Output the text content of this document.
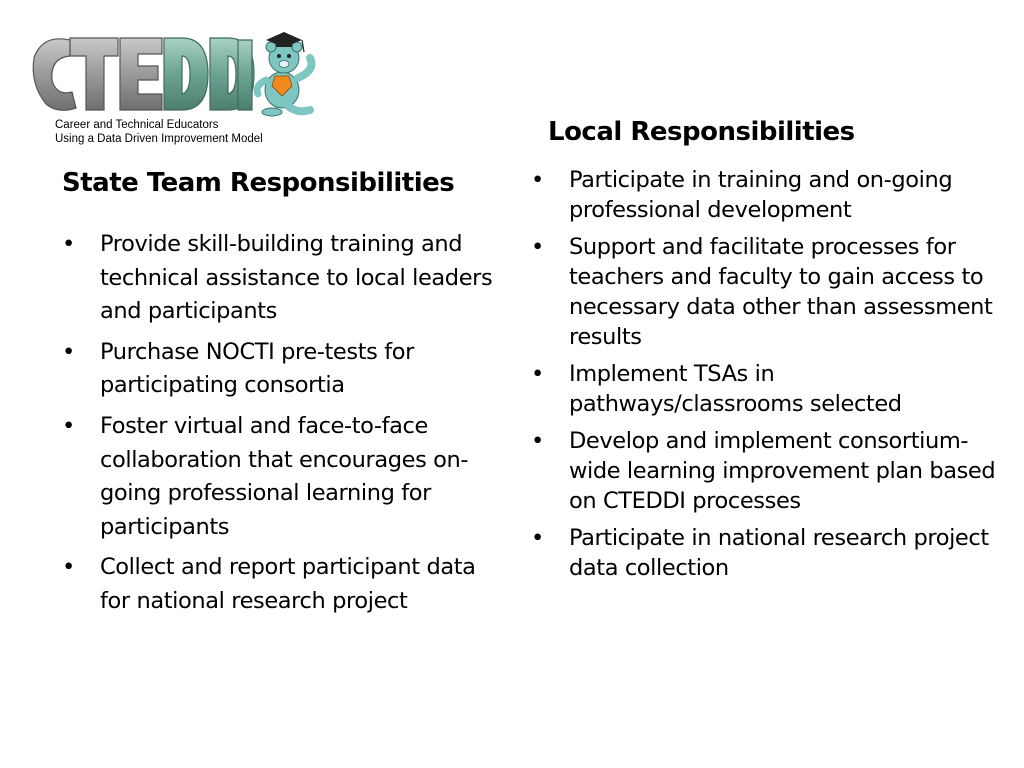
Career and Technical Educators
Using a Data Driven Improvement Model
State Team Responsibilities
• Provide skill-building training and technical assistance to local leaders and participants
• Purchase NOCTI pre-tests for participating consortia
• Foster virtual and face-to-face collaboration that encourages on-going professional learning for participants
• Collect and report participant data for national research project
Local Responsibilities
• Participate in training and on-going professional development
• Support and facilitate processes for teachers and faculty to gain access to necessary data other than assessment results
• Implement TSAs in pathways/classrooms selected
• Develop and implement consortium-wide learning improvement plan based on CTEDDI processes
• Participate in national research project data collection
